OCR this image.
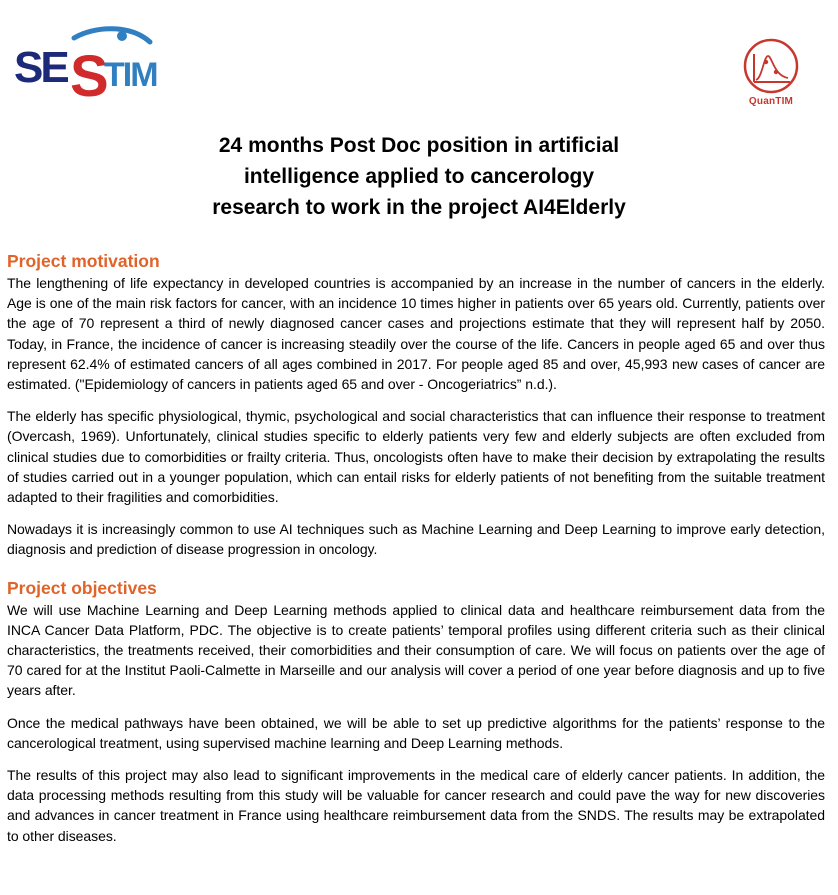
SE S
TIM
QuanTIM
24 months Post Doc position in artificial
intelligence applied to cancerology
research to work in the project AI4Elderly
Project motivation

The lengthening of life expectancy in developed countries is accompanied by an increase in the number of cancers in the elderly. Age is one of the main risk factors for cancer, with an incidence 10 times higher in patients over 65 years old. Currently, patients over the age of 70 represent a third of newly diagnosed cancer cases and projections estimate that they will represent half by 2050. Today, in France, the incidence of cancer is increasing steadily over the course of the life. Cancers in people aged 65 and over thus represent 62.4% of estimated cancers of all ages combined in 2017. For people aged 85 and over, 45,993 new cases of cancer are estimated. ("Epidemiology of cancers in patients aged 65 and over - Oncogeriatrics” n.d.).

The elderly has specific physiological, thymic, psychological and social characteristics that can influence their response to treatment (Overcash, 1969). Unfortunately, clinical studies specific to elderly patients very few and elderly subjects are often excluded from clinical studies due to comorbidities or frailty criteria. Thus, oncologists often have to make their decision by extrapolating the results of studies carried out in a younger population, which can entail risks for elderly patients of not benefiting from the suitable treatment adapted to their fragilities and comorbidities.

Nowadays it is increasingly common to use AI techniques such as Machine Learning and Deep Learning to improve early detection, diagnosis and prediction of disease progression in oncology.

Project objectives

We will use Machine Learning and Deep Learning methods applied to clinical data and healthcare reimbursement data from the INCA Cancer Data Platform, PDC. The objective is to create patients’ temporal profiles using different criteria such as their clinical characteristics, the treatments received, their comorbidities and their consumption of care. We will focus on patients over the age of 70 cared for at the Institut Paoli-Calmette in Marseille and our analysis will cover a period of one year before diagnosis and up to five years after.

Once the medical pathways have been obtained, we will be able to set up predictive algorithms for the patients’ response to the cancerological treatment, using supervised machine learning and Deep Learning methods.

The results of this project may also lead to significant improvements in the medical care of elderly cancer patients. In addition, the data processing methods resulting from this study will be valuable for cancer research and could pave the way for new discoveries and advances in cancer treatment in France using healthcare reimbursement data from the SNDS. The results may be extrapolated to other diseases.
